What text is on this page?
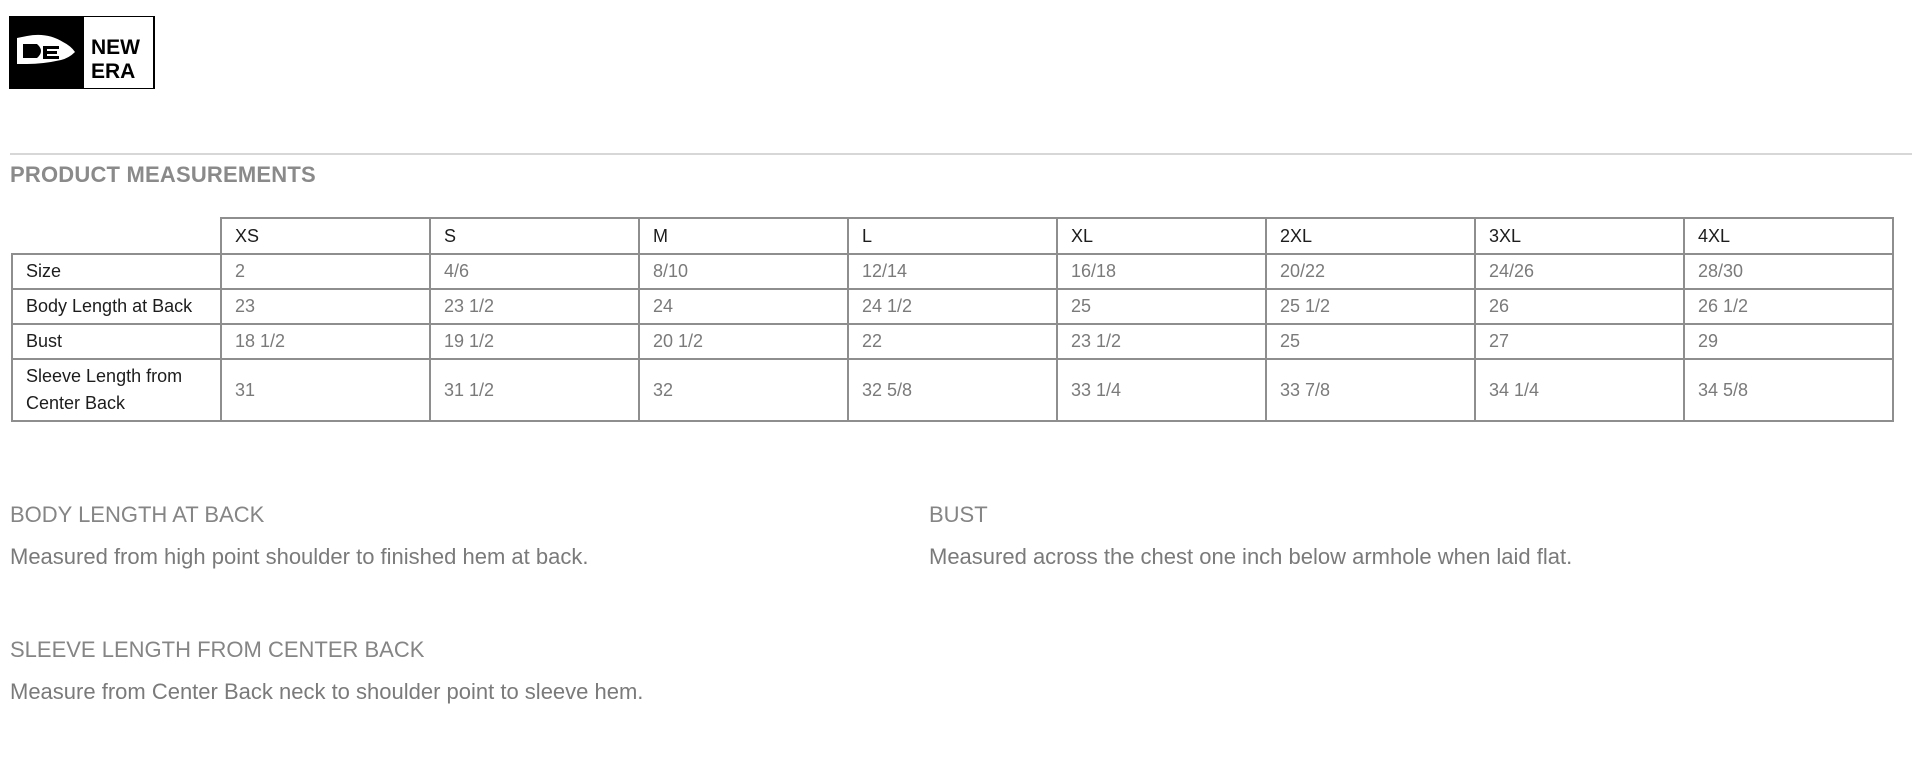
NEW
ERA
PRODUCT MEASUREMENTS
	XS	S	M	L	XL	2XL	3XL	4XL
Size	2	4/6	8/10	12/14	16/18	20/22	24/26	28/30
Body Length at Back	23	23 1/2	24	24 1/2	25	25 1/2	26	26 1/2
Bust	18 1/2	19 1/2	20 1/2	22	23 1/2	25	27	29
Sleeve Length from Center Back	31	31 1/2	32	32 5/8	33 1/4	33 7/8	34 1/4	34 5/8
BODY LENGTH AT BACK
Measured from high point shoulder to finished hem at back.
BUST
Measured across the chest one inch below armhole when laid flat.
SLEEVE LENGTH FROM CENTER BACK
Measure from Center Back neck to shoulder point to sleeve hem.
